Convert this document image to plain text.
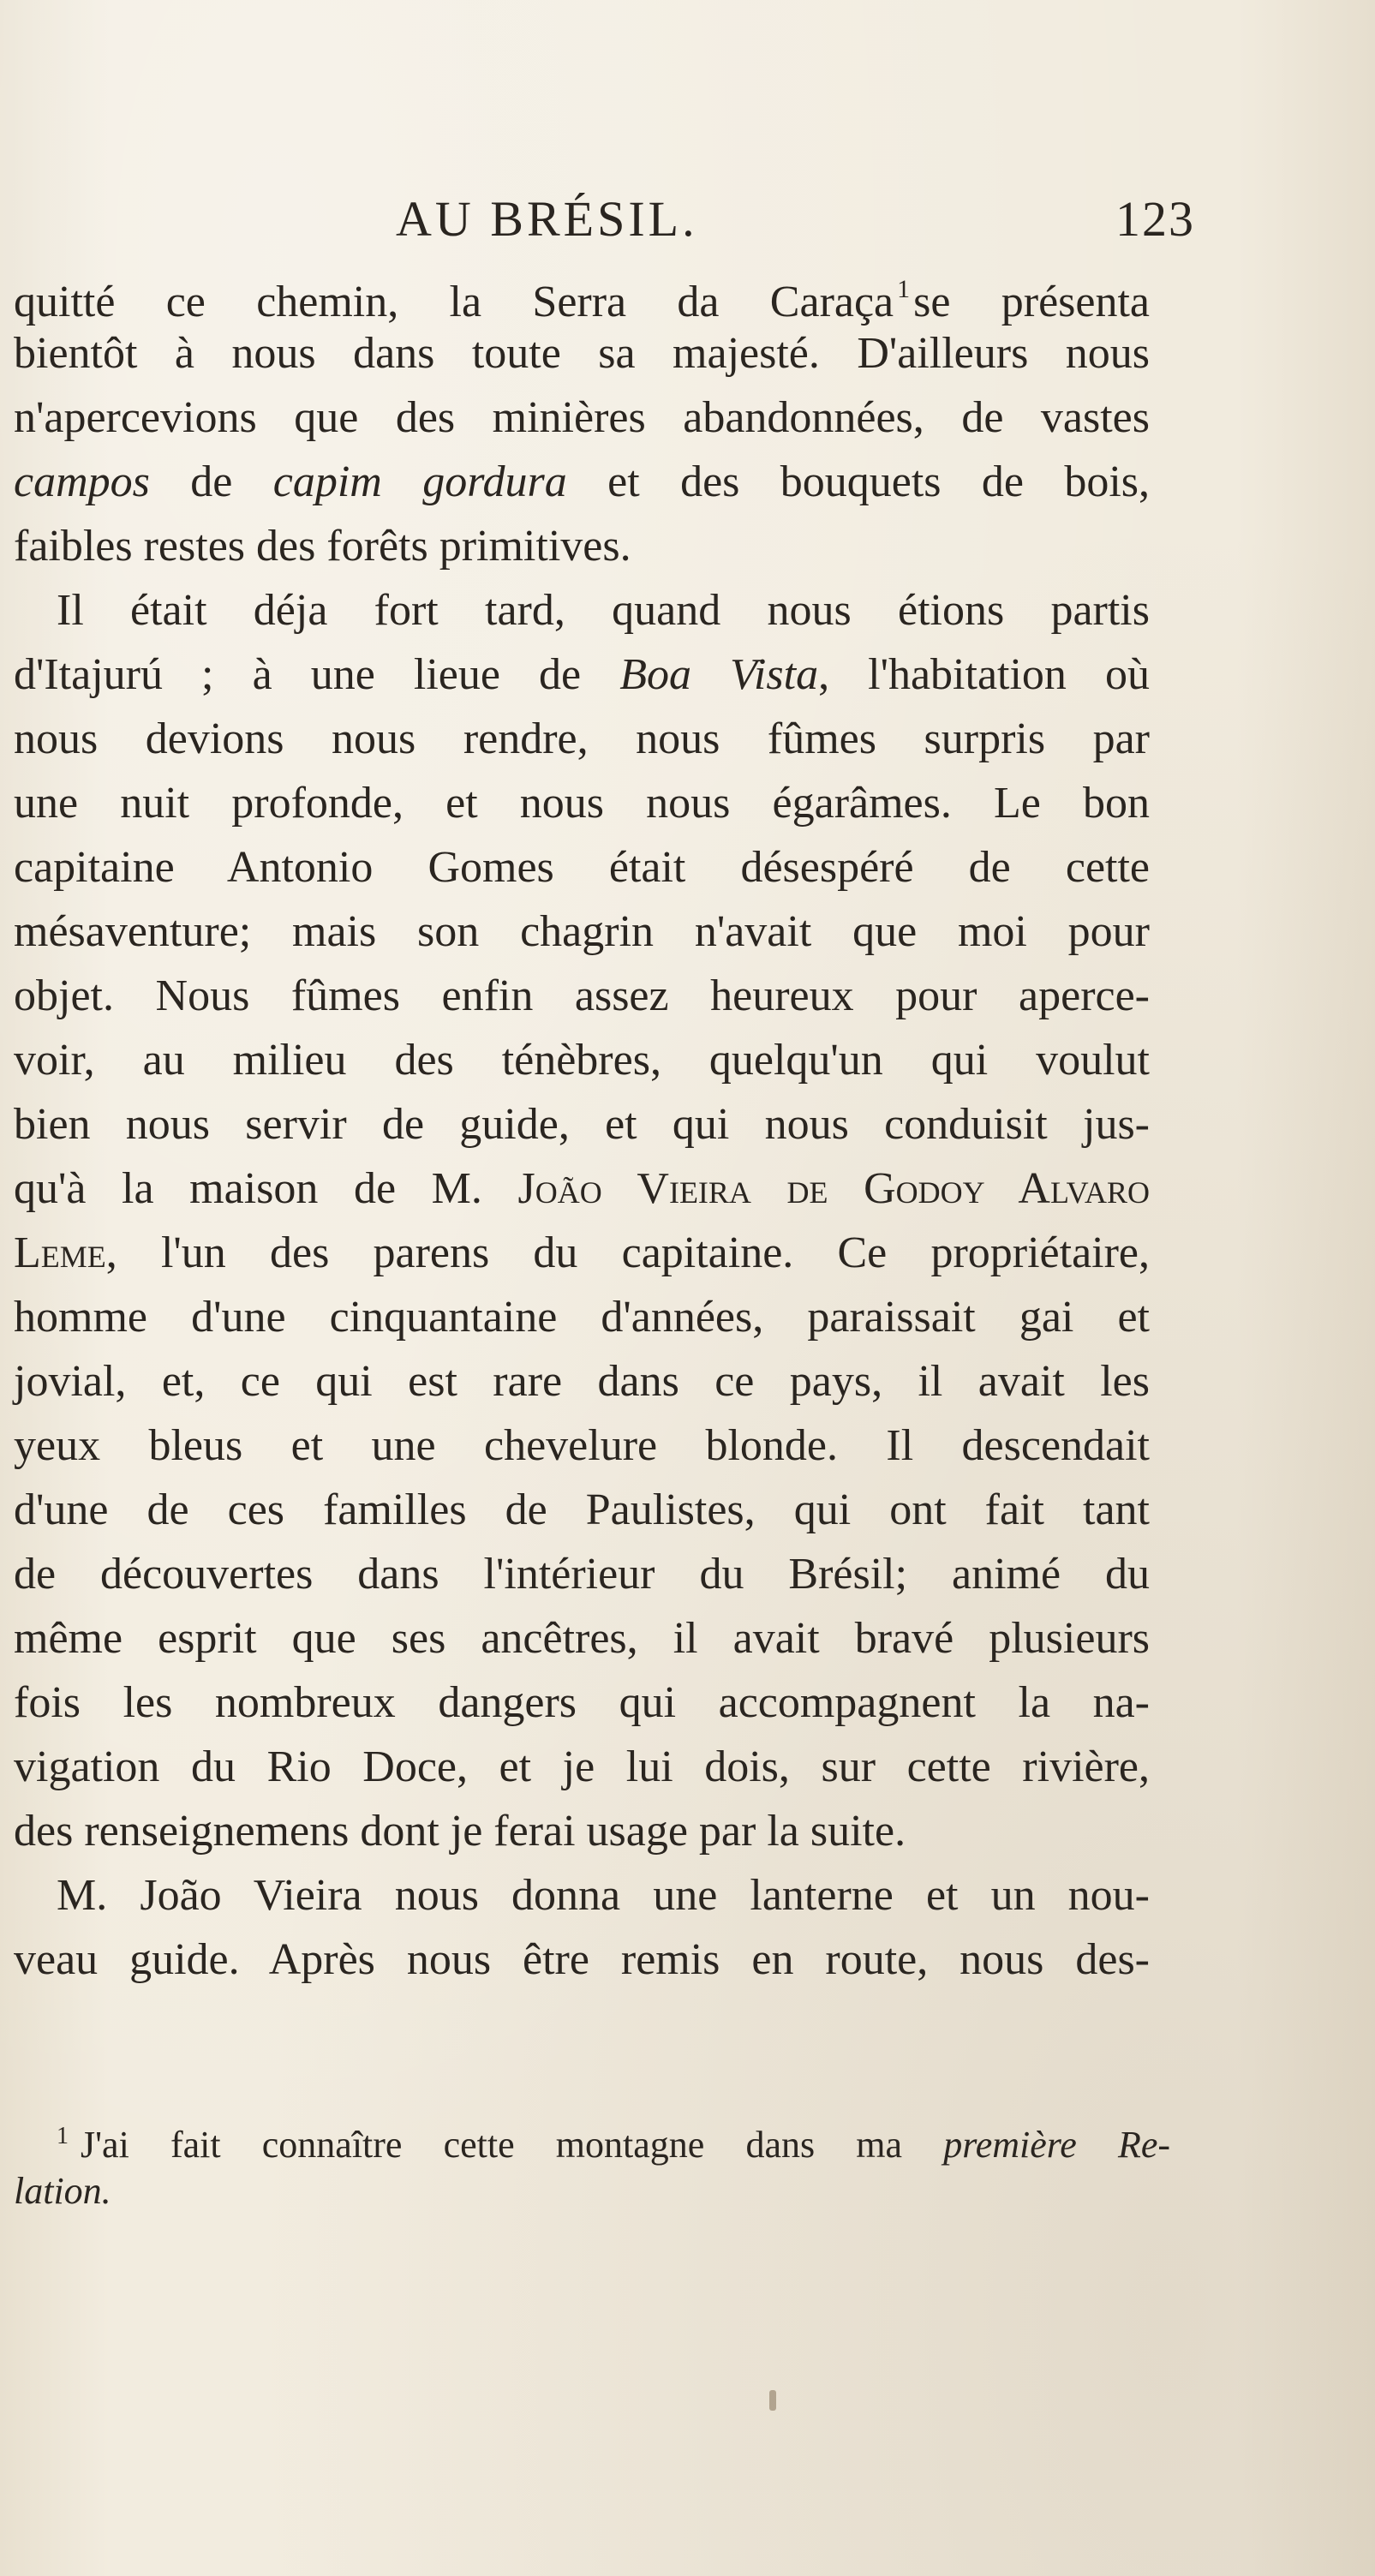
AU BRÉSIL.	123
quitté ce chemin, la Serra da Caraça $^1$se présenta
bientôt à nous dans toute sa majesté. D'ailleurs nous
n'apercevions que des minières abandonnées, de vastes
campos de capim gordura et des bouquets de bois,
faibles restes des forêts primitives.
Il était déja fort tard, quand nous étions partis
d'Itajurú ; à une lieue de Boa Vista, l'habitation où
nous devions nous rendre, nous fûmes surpris par
une nuit profonde, et nous nous égarâmes. Le bon
capitaine Antonio Gomes était désespéré de cette
mésaventure; mais son chagrin n'avait que moi pour
objet. Nous fûmes enfin assez heureux pour aperce-
voir, au milieu des ténèbres, quelqu'un qui voulut
bien nous servir de guide, et qui nous conduisit jus-
qu'à la maison de M. João Vieira de Godoy Alvaro
Leme, l'un des parens du capitaine. Ce propriétaire,
homme d'une cinquantaine d'années, paraissait gai et
jovial, et, ce qui est rare dans ce pays, il avait les
yeux bleus et une chevelure blonde. Il descendait
d'une de ces familles de Paulistes, qui ont fait tant
de découvertes dans l'intérieur du Brésil; animé du
même esprit que ses ancêtres, il avait bravé plusieurs
fois les nombreux dangers qui accompagnent la na-
vigation du Rio Doce, et je lui dois, sur cette rivière,
des renseignemens dont je ferai usage par la suite.
M. João Vieira nous donna une lanterne et un nou-
veau guide. Après nous être remis en route, nous des-
$^1$ J'ai fait connaître cette montagne dans ma première Re-
lation.
